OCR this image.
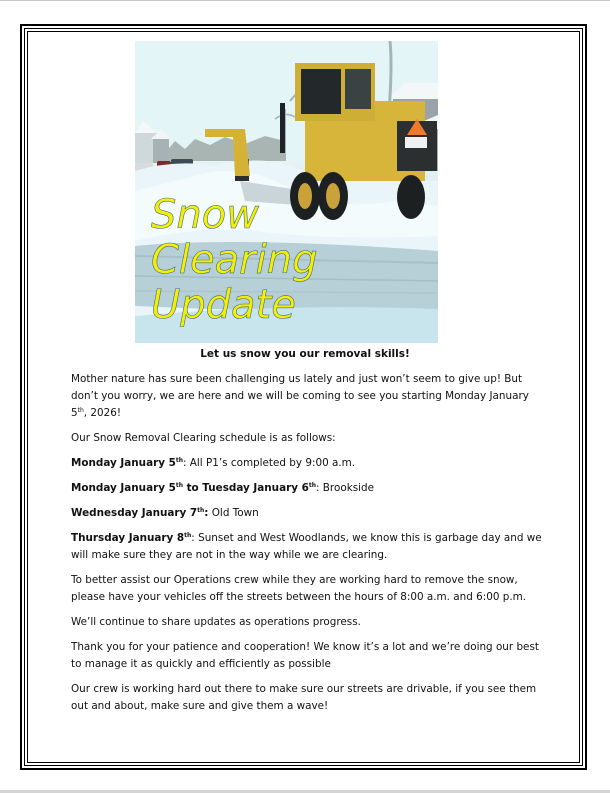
Snow
Clearing
Update
Let us snow you our removal skills!

Mother nature has sure been challenging us lately and just won’t seem to give up! But don’t you worry, we are here and we will be coming to see you starting Monday January 5th, 2026!

Our Snow Removal Clearing schedule is as follows:

Monday January 5th: All P1’s completed by 9:00 a.m.

Monday January 5th to Tuesday January 6th: Brookside

Wednesday January 7th: Old Town

Thursday January 8th: Sunset and West Woodlands, we know this is garbage day and we will make sure they are not in the way while we are clearing.

To better assist our Operations crew while they are working hard to remove the snow, please have your vehicles off the streets between the hours of 8:00 a.m. and 6:00 p.m.

We’ll continue to share updates as operations progress.

Thank you for your patience and cooperation! We know it’s a lot and we’re doing our best to manage it as quickly and efficiently as possible

Our crew is working hard out there to make sure our streets are drivable, if you see them out and about, make sure and give them a wave!
